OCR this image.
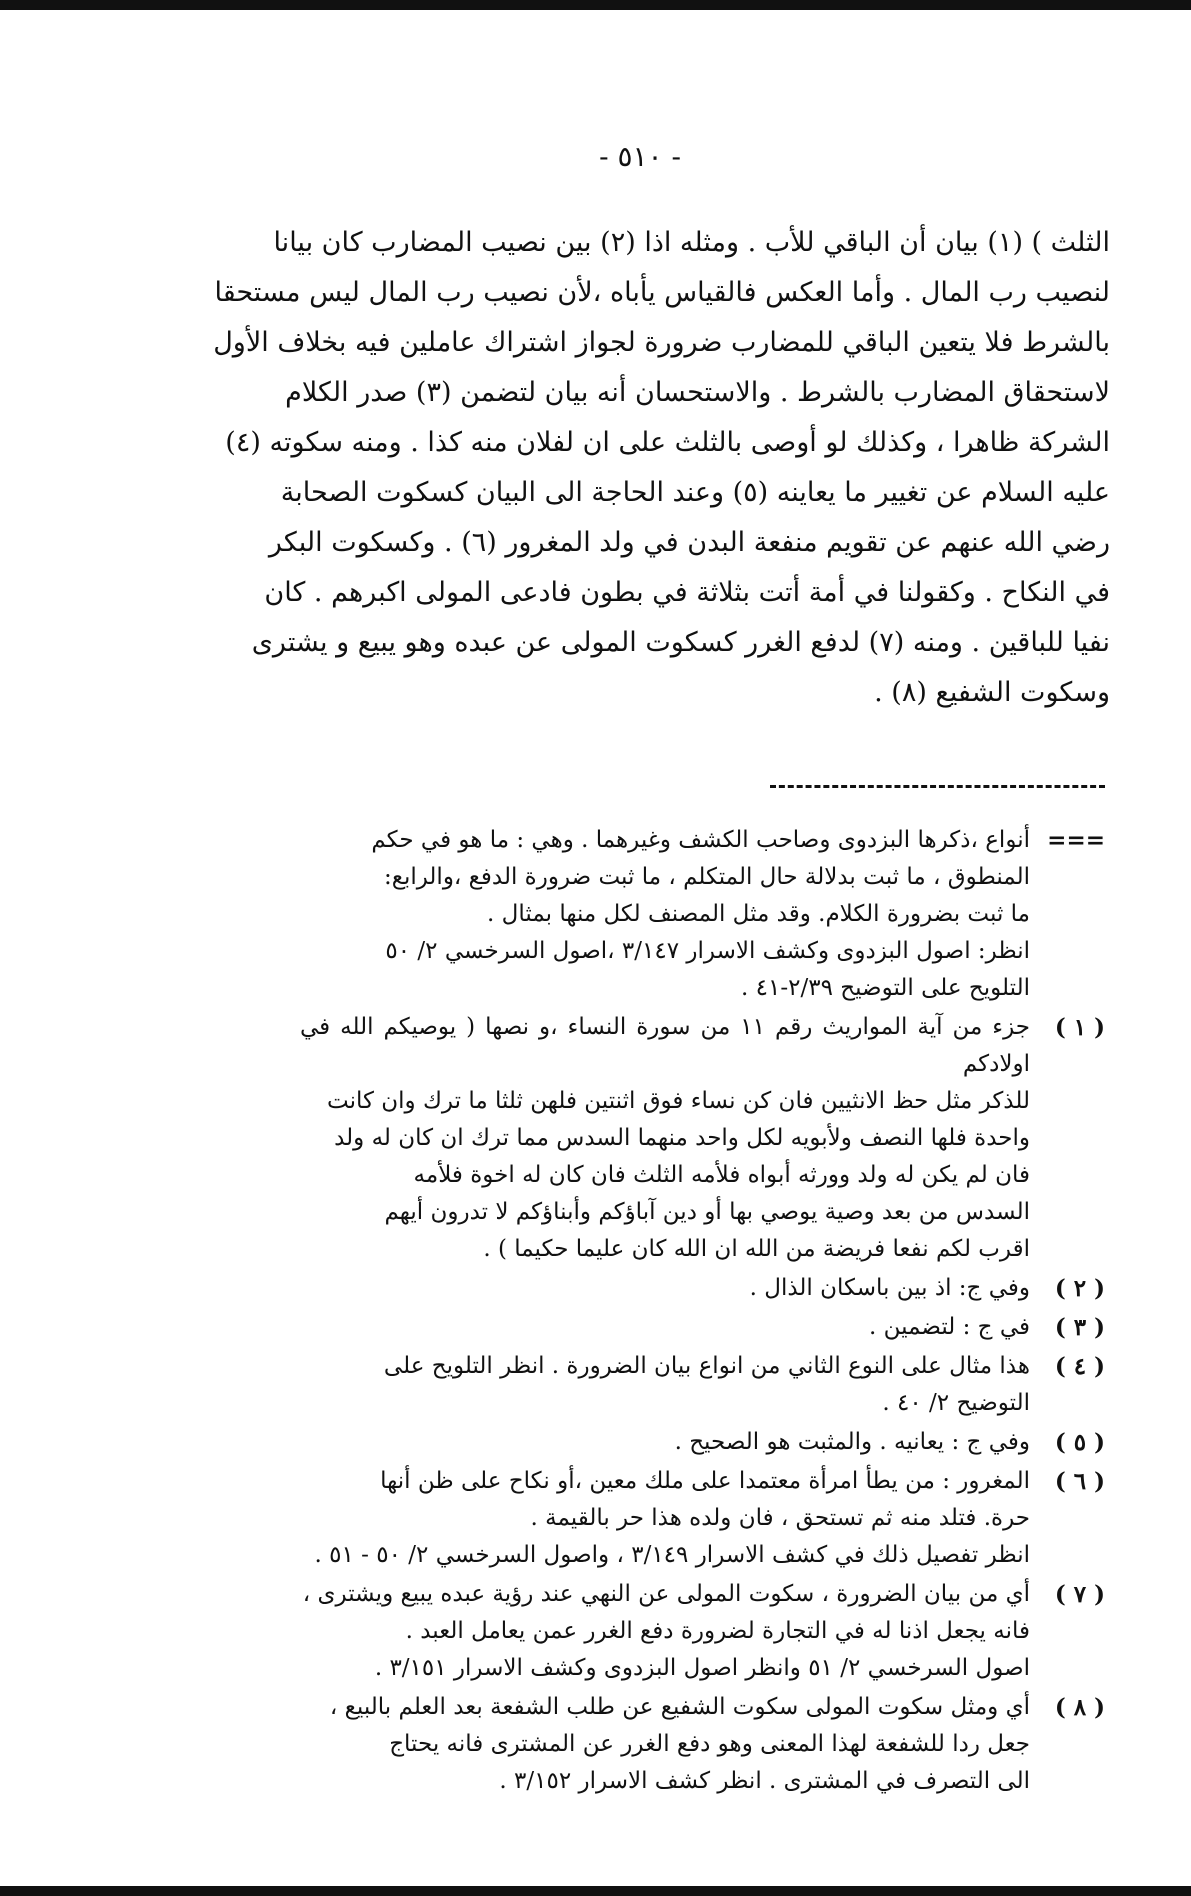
- ٥١٠ -

الثلث ) (١) بيان أن الباقي للأب . ومثله اذا (٢) بين نصيب المضارب كان بيانا

لنصيب رب المال . وأما العكس فالقياس يأباه ،لأن نصيب رب المال ليس مستحقا

بالشرط فلا يتعين الباقي للمضارب ضرورة لجواز اشتراك عاملين فيه بخلاف الأول

لاستحقاق المضارب بالشرط . والاستحسان أنه بيان لتضمن (٣) صدر الكلام

الشركة ظاهرا ، وكذلك لو أوصى بالثلث على ان لفلان منه كذا . ومنه سكوته (٤)

عليه السلام عن تغيير ما يعاينه (٥) وعند الحاجة الى البيان كسكوت الصحابة

رضي الله عنهم عن تقويم منفعة البدن في ولد المغرور (٦) . وكسكوت البكر

في النكاح . وكقولنا في أمة أتت بثلاثة في بطون فادعى المولى اكبرهم . كان

نفيا للباقين . ومنه (٧) لدفع الغرر كسكوت المولى عن عبده وهو يبيع و يشترى

وسكوت الشفيع (٨) .

===
أنواع ،ذكرها البزدوى وصاحب الكشف وغيرهما . وهي : ما هو في حكم
المنطوق ، ما ثبت بدلالة حال المتكلم ، ما ثبت ضرورة الدفع ،والرابع:
ما ثبت بضرورة الكلام. وقد مثل المصنف لكل منها بمثال .
انظر: اصول البزدوى وكشف الاسرار ٣/١٤٧ ،اصول السرخسي ٢/ ٥٠
التلويح على التوضيح ٢/٣٩-٤١ .
( ١ )
جزء من آية المواريث رقم ١١ من سورة النساء ،و نصها ( يوصيكم الله في اولادكم
للذكر مثل حظ الانثيين فان كن نساء فوق اثنتين فلهن ثلثا ما ترك وان كانت
واحدة فلها النصف ولأبويه لكل واحد منهما السدس مما ترك ان كان له ولد
فان لم يكن له ولد وورثه أبواه فلأمه الثلث فان كان له اخوة فلأمه
السدس من بعد وصية يوصي بها أو دين آباؤكم وأبناؤكم لا تدرون أيهم
اقرب لكم نفعا فريضة من الله ان الله كان عليما حكيما ) .
( ٢ )
وفي ج: اذ بين باسكان الذال .
( ٣ )
في ج : لتضمين .
( ٤ )
هذا مثال على النوع الثاني من انواع بيان الضرورة . انظر التلويح على
التوضيح ٢/ ٤٠ .
( ٥ )
وفي ج : يعانيه . والمثبت هو الصحيح .
( ٦ )
المغرور : من يطأ امرأة معتمدا على ملك معين ،أو نكاح على ظن أنها
حرة. فتلد منه ثم تستحق ، فان ولده هذا حر بالقيمة .
انظر تفصيل ذلك في كشف الاسرار ٣/١٤٩ ، واصول السرخسي ٢/ ٥٠ - ٥١ .
( ٧ )
أي من بيان الضرورة ، سكوت المولى عن النهي عند رؤية عبده يبيع ويشترى ،
فانه يجعل اذنا له في التجارة لضرورة دفع الغرر عمن يعامل العبد .
اصول السرخسي ٢/ ٥١ وانظر اصول البزدوى وكشف الاسرار ٣/١٥١ .
( ٨ )
أي ومثل سكوت المولى سكوت الشفيع عن طلب الشفعة بعد العلم بالبيع ،
جعل ردا للشفعة لهذا المعنى وهو دفع الغرر عن المشترى فانه يحتاج
الى التصرف في المشترى . انظر كشف الاسرار ٣/١٥٢ .
